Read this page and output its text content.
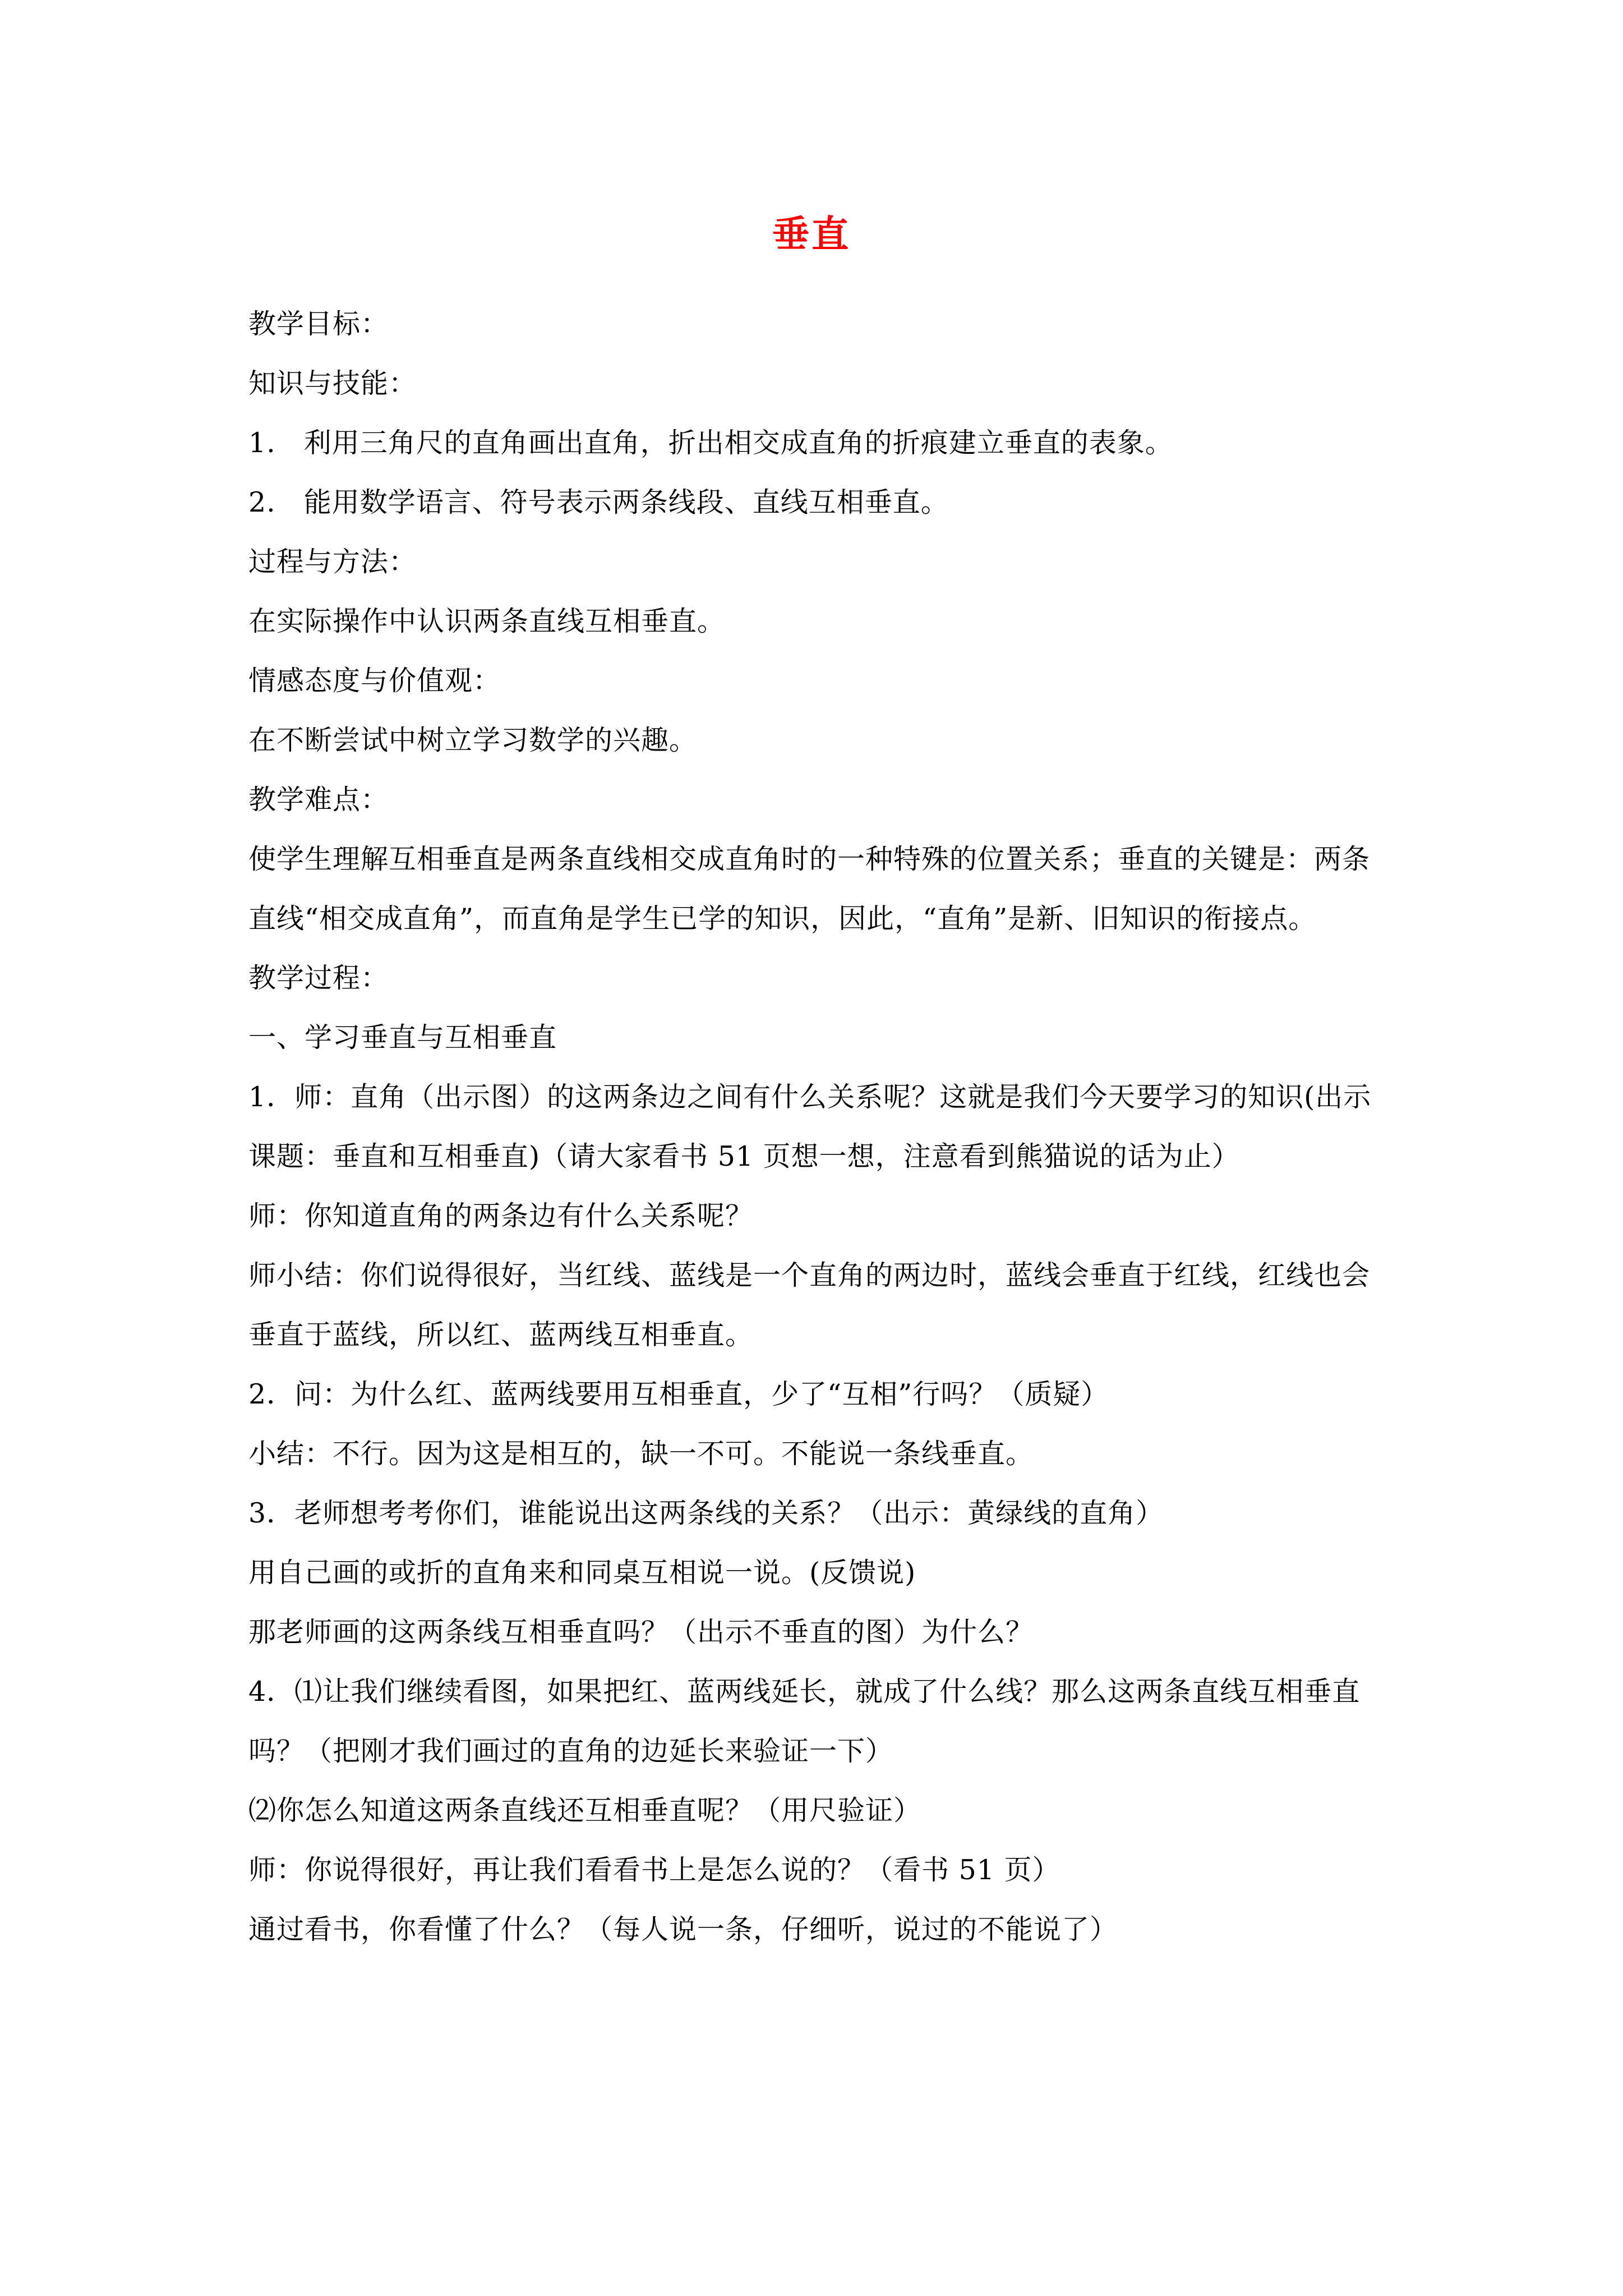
垂直
教学目标：
知识与技能：
1.　利用三角尺的直角画出直角，折出相交成直角的折痕建立垂直的表象。
2.　能用数学语言、符号表示两条线段、直线互相垂直。
过程与方法：
在实际操作中认识两条直线互相垂直。
情感态度与价值观：
在不断尝试中树立学习数学的兴趣。
教学难点：
使学生理解互相垂直是两条直线相交成直角时的一种特殊的位置关系；垂直的关键是：两条
直线“相交成直角”，而直角是学生已学的知识，因此，“直角”是新、旧知识的衔接点。
教学过程：
一、学习垂直与互相垂直
1．师：直角（出示图）的这两条边之间有什么关系呢？这就是我们今天要学习的知识(出示
课题：垂直和互相垂直)（请大家看书 51 页想一想，注意看到熊猫说的话为止）
师：你知道直角的两条边有什么关系呢？
师小结：你们说得很好，当红线、蓝线是一个直角的两边时，蓝线会垂直于红线，红线也会
垂直于蓝线，所以红、蓝两线互相垂直。
2．问：为什么红、蓝两线要用互相垂直，少了“互相”行吗？（质疑）
小结：不行。因为这是相互的，缺一不可。不能说一条线垂直。
3．老师想考考你们，谁能说出这两条线的关系？（出示：黄绿线的直角）
用自己画的或折的直角来和同桌互相说一说。(反馈说)
那老师画的这两条线互相垂直吗？（出示不垂直的图）为什么？
4．⑴让我们继续看图，如果把红、蓝两线延长，就成了什么线？那么这两条直线互相垂直
吗？（把刚才我们画过的直角的边延长来验证一下）
⑵你怎么知道这两条直线还互相垂直呢？（用尺验证）
师：你说得很好，再让我们看看书上是怎么说的？（看书 51 页）
通过看书，你看懂了什么？（每人说一条，仔细听，说过的不能说了）
